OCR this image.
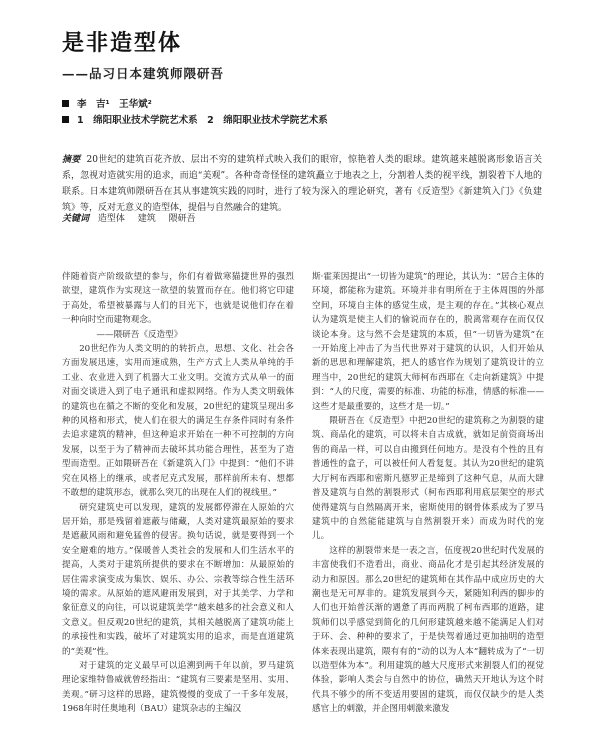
是非造型体
——品习日本建筑师隈研吾
李　吉¹　王华斌²
1　绵阳职业技术学院艺术系　2　绵阳职业技术学院艺术系
摘要 20世纪的建筑百花齐放、层出不穷的建筑样式映入我们的眼帘，惊艳着人类的眼球。建筑越来越脱离形象语言关系，忽视对造就实用的追求，而追“美观”。各种奇奇怪怪的建筑矗立于地表之上，分割着人类的视平线，割裂着下人地的联系。日本建筑师隈研吾在其从事建筑实践的同时，进行了较为深入的理论研究，著有《反造型》《新建筑入门》《负建筑》等，反对无意义的造型体，提倡与自然融合的建筑。
关键词 造型体 建筑 隈研吾

伴随着资产阶级欲望的参与，你们有着做寒猫捷世界的强烈欲望，建筑作为实现这一欲望的装置而存在。他们将它印建于高处，希望被暴露与人们的目光下，也就是说他们存在着一种向时空而建物观念。

——隈研吾《反造型》

20世纪作为人类文明的的转折点，思想、文化、社会各方面发展迅速，实用而速成熟，生产方式上人类从单纯的手工业、农业进入到了机器大工业文明。交流方式从单一的面对面交谈进入到了电子通讯和虚拟网络。作为人类文明载体的建筑也在循之不断的变化和发展，20世纪的建筑呈现出多种的风格和形式，使人们在很大的满足生存条件同时有条件去追求建筑的精神，但这种追求开始在一种不可控制的方向发展，以至于为了精神而去破坏其功能合理性，甚至为了造型而造型。正如隈研吾在《新建筑入门》中提到：“他们不讲究在风格上的继承，或者尼克式发展，那样前所未有、想都不敢想的建筑形态，就那么突兀的出现在人们的视线里。”

研究建筑史可以发现，建筑的发展都停滞在人原始的穴居开始，那是残留着遮蔽与储藏，人类对建筑最原始的要求是遮蔽风雨和避免猛兽的侵害。换句话说，就是要得到一个安全避难的地方。”保暖普人类社会的发展和人们生活水平的提高，人类对于建筑所提供的要求在不断增加：从最原始的居住需求演变成为集饮、娱乐、办公、宗教等综合性生活环境的需求。从原始的遮风避雨发展到，对于其美学、力学和象征意义的向往，可以说建筑美学“越来越多的社会意义和人文意义。但反观20世纪的建筑，其相关越脱离了建筑功能上的承接性和实践，破坏了对建筑实用的追求，而是直道建筑的“美观”性。

对于建筑的定义最早可以追溯到两千年以前，罗马建筑理论家维特鲁威就曾经指出：“建筑有三要素是坚用、实用、美观。”研习这样的思路，建筑慢慢的变成了一千多年发展，1968年时任奥地利（BAU）建筑杂志的主编汉

斯·霍莱因提出“一切皆为建筑”的理论，其认为：“居合主体的环境，都能称为建筑。环境并非有明所在于主体周围的外部空间，环境自主体的感觉生成，是主观的存在。”其核心观点认为建筑是使主人们的愉说而存在的，脱离常观存在而仅仅谈论本身。这与然不会是建筑的本质，但“一切皆为建筑”在一开始度上冲击了为当代世界对于建筑的认识，人们开始从新的思思和理解建筑，把人的感官作为规划了建筑设计的立理当中，20世纪的建筑大师柯布西耶在《走向新建筑》中提到：“人的尺度，需要的标准、功能的标准，情感的标准——这些才是最重要的，这些才是一切。”

隈研吾在《反造型》中把20世纪的建筑称之为割裂的建筑、商品化的建筑，可以将未自古成就，就如足前资商场出售的商品一样，可以自由搬到任何地方。是没有个性的且有普通性的盒子，可以被任何人看复复。其认为20世纪的建筑大厅柯布西耶和密斯凡德罗正是缔到了这种气息，从而大肆普及建筑与自然的割裂形式（柯布西耶利用底层架空的形式使得建筑与自然隔离开来，密斯使用的钢骨体系成为了罗马建筑中的自然能能建筑与自然割裂开来）而成为时代的宠儿。

这样的割裂带来是一表之言，伍度视20世纪时代发展的丰富使我们不造看出，商业、商品化才是引起其经济发展的动力和原因。那么20世纪的建筑师在其作品中成应历史的大潮也是无可厚非的。建筑发展到今天，紧随知利西的脚步的人们也开始普沃渐的遇惫了再而两脱了柯布西耶的道路，建筑师们以乎感觉到简化的几何形建筑越来越不能满足人们对于环、会、种种的要求了，于是快驾着通过更加抽明的造型体来表现出建筑，隈有有的“动的以为人本”翻转成为了“一切以造型体为本”。利用建筑的越大尺度形式来割裂人们的视觉体验，影响人类会与自然中的协位，确然天开地认为这个时代具不够少的所不变适用要固的建筑，而仅仅缺少的是人类感官上的刺激，并企图用刺激来激发
